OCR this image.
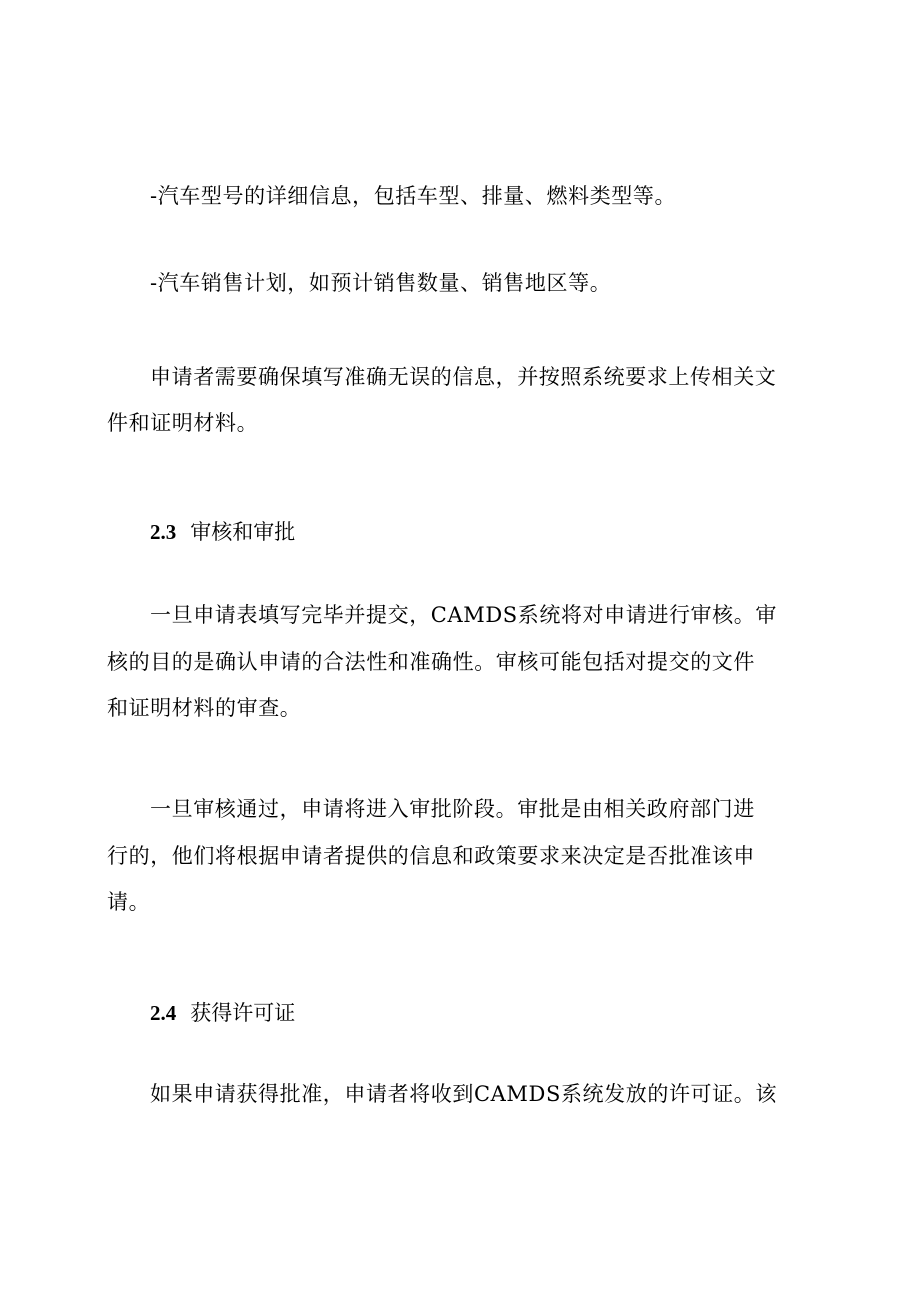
-汽车型号的详细信息，包括车型、排量、燃料类型等。
-汽车销售计划，如预计销售数量、销售地区等。
申请者需要确保填写准确无误的信息，并按照系统要求上传相关文
件和证明材料。
2.3 审核和审批
一旦申请表填写完毕并提交，CAMDS系统将对申请进行审核。审
核的目的是确认申请的合法性和准确性。审核可能包括对提交的文件
和证明材料的审查。
一旦审核通过，申请将进入审批阶段。审批是由相关政府部门进
行的，他们将根据申请者提供的信息和政策要求来决定是否批准该申
请。
2.4 获得许可证
如果申请获得批准，申请者将收到CAMDS系统发放的许可证。该
